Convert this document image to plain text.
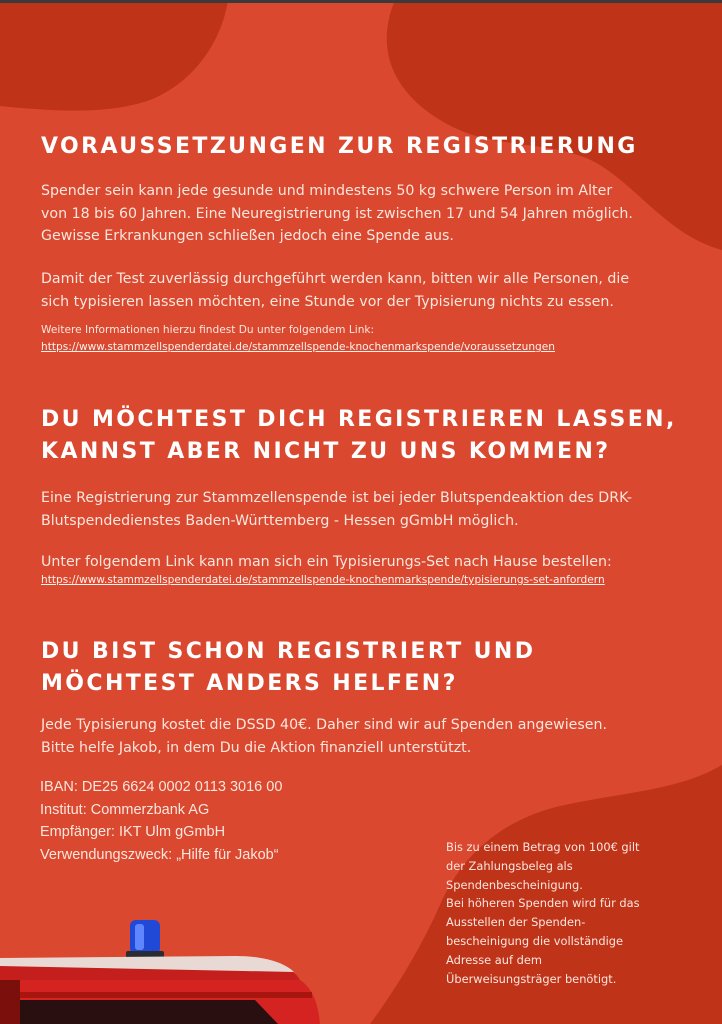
VORAUSSETZUNGEN ZUR REGISTRIERUNG

Spender sein kann jede gesunde und mindestens 50 kg schwere Person im Alter
von 18 bis 60 Jahren. Eine Neuregistrierung ist zwischen 17 und 54 Jahren möglich.
Gewisse Erkrankungen schließen jedoch eine Spende aus.

Damit der Test zuverlässig durchgeführt werden kann, bitten wir alle Personen, die
sich typisieren lassen möchten, eine Stunde vor der Typisierung nichts zu essen.

Weitere Informationen hierzu findest Du unter folgendem Link:
https://www.stammzellspenderdatei.de/stammzellspende-knochenmarkspende/voraussetzungen

DU MÖCHTEST DICH REGISTRIEREN LASSEN,
KANNST ABER NICHT ZU UNS KOMMEN?

Eine Registrierung zur Stammzellenspende ist bei jeder Blutspendeaktion des DRK-
Blutspendedienstes Baden-Württemberg - Hessen gGmbH möglich.

Unter folgendem Link kann man sich ein Typisierungs-Set nach Hause bestellen:

https://www.stammzellspenderdatei.de/stammzellspende-knochenmarkspende/typisierungs-set-anfordern

DU BIST SCHON REGISTRIERT UND
MÖCHTEST ANDERS HELFEN?

Jede Typisierung kostet die DSSD 40€. Daher sind wir auf Spenden angewiesen.
Bitte helfe Jakob, in dem Du die Aktion finanziell unterstützt.

IBAN: DE25 6624 0002 0113 3016 00
Institut: Commerzbank AG
Empfänger: IKT Ulm gGmbH
Verwendungszweck: „Hilfe für Jakob“

Bis zu einem Betrag von 100€ gilt
der Zahlungsbeleg als
Spendenbescheinigung.
Bei höheren Spenden wird für das
Ausstellen der Spenden-
bescheinigung die vollständige
Adresse auf dem
Überweisungsträger benötigt.
